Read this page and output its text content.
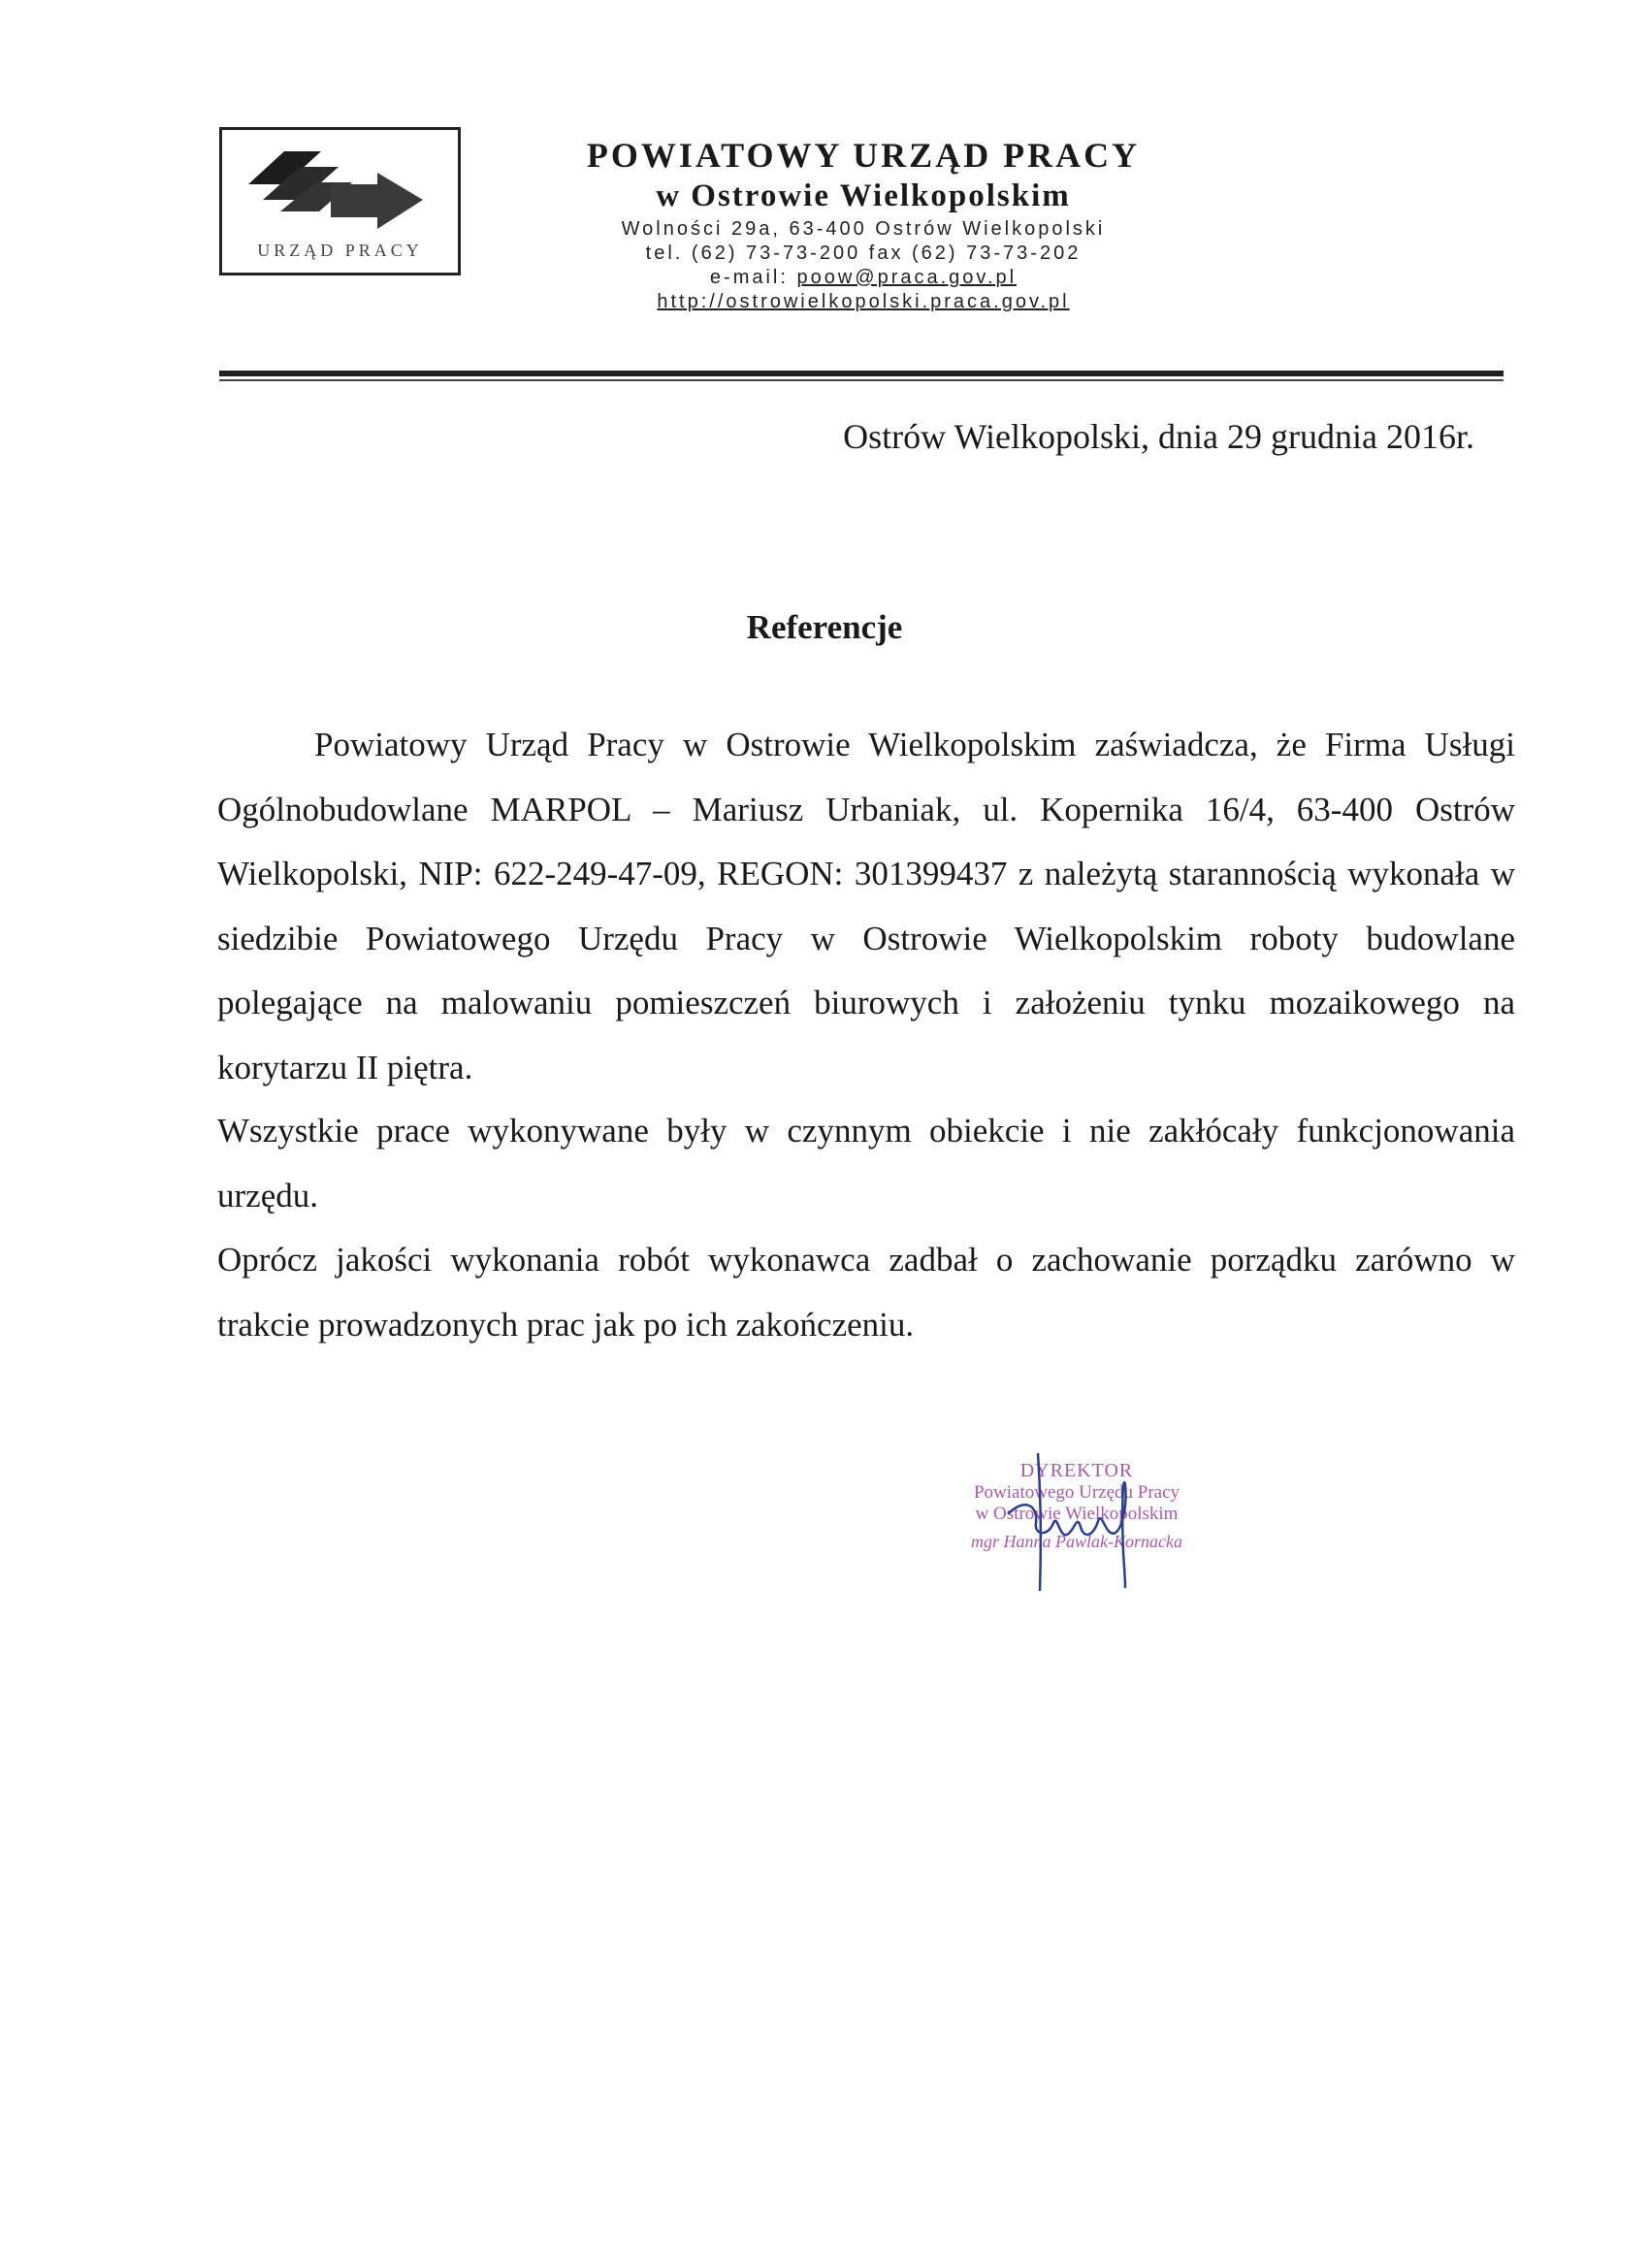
URZĄD PRACY
POWIATOWY URZĄD PRACY
w Ostrowie Wielkopolskim
Wolności 29a, 63-400 Ostrów Wielkopolski
tel. (62) 73-73-200 fax (62) 73-73-202
e-mail: poow@praca.gov.pl
http://ostrowielkopolski.praca.gov.pl
Ostrów Wielkopolski, dnia 29 grudnia 2016r.
Referencje
Powiatowy Urząd Pracy w Ostrowie Wielkopolskim zaświadcza, że Firma Usługi Ogólnobudowlane MARPOL – Mariusz Urbaniak, ul. Kopernika 16/4, 63-400 Ostrów Wielkopolski, NIP: 622-249-47-09, REGON: 301399437 z należytą starannością wykonała w siedzibie Powiatowego Urzędu Pracy w Ostrowie Wielkopolskim roboty budowlane polegające na malowaniu pomieszczeń biurowych i założeniu tynku mozaikowego na korytarzu II piętra.
Wszystkie prace wykonywane były w czynnym obiekcie i nie zakłócały funkcjonowania urzędu.
Oprócz jakości wykonania robót wykonawca zadbał o zachowanie porządku zarówno w trakcie prowadzonych prac jak po ich zakończeniu.
DYREKTOR
Powiatowego Urzędu Pracy
w Ostrowie Wielkopolskim
mgr Hanna Pawlak-Kornacka
